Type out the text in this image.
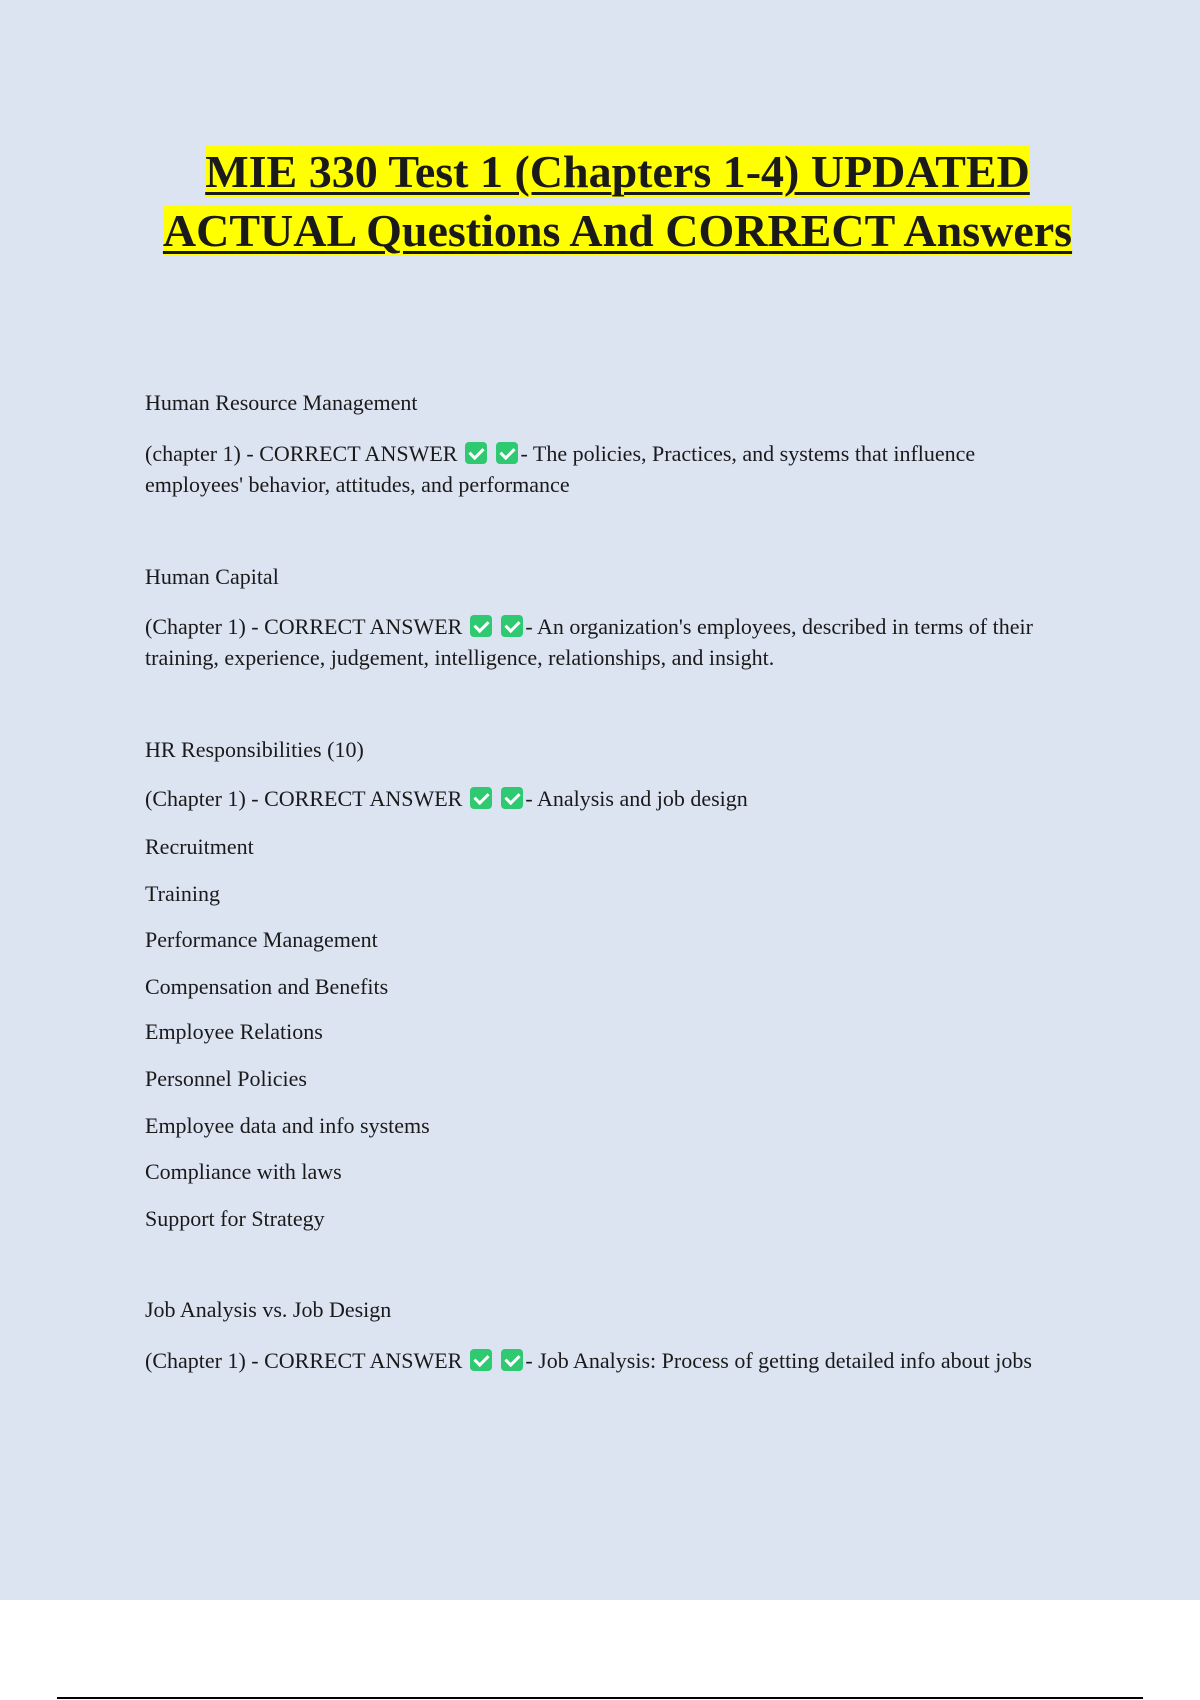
MIE 330 Test 1 (Chapters 1-4) UPDATED ACTUAL Questions And CORRECT Answers

Human Resource Management

(chapter 1) - CORRECT ANSWER	- The policies, Practices, and systems that influence employees' behavior, attitudes, and performance

Human Capital

(Chapter 1) - CORRECT ANSWER	- An organization's employees, described in terms of their training, experience, judgement, intelligence, relationships, and insight.

HR Responsibilities (10)

(Chapter 1) - CORRECT ANSWER	- Analysis and job design

Recruitment

Training

Performance Management

Compensation and Benefits

Employee Relations

Personnel Policies

Employee data and info systems

Compliance with laws

Support for Strategy

Job Analysis vs. Job Design

(Chapter 1) - CORRECT ANSWER	- Job Analysis: Process of getting detailed info about jobs
